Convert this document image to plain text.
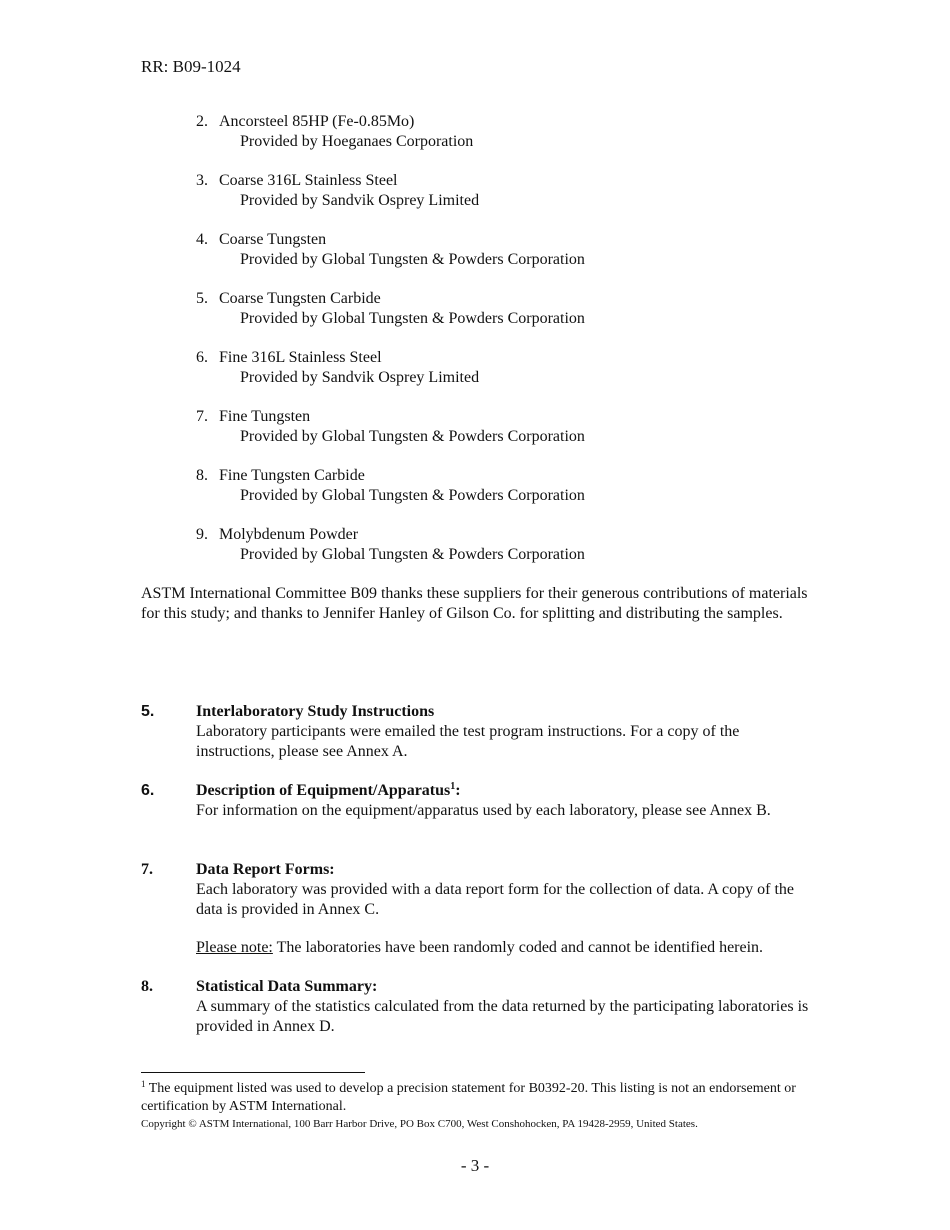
RR: B09-1024
2. Ancorsteel 85HP (Fe-0.85Mo)
Provided by Hoeganaes Corporation
3. Coarse 316L Stainless Steel
Provided by Sandvik Osprey Limited
4. Coarse Tungsten
Provided by Global Tungsten & Powders Corporation
5. Coarse Tungsten Carbide
Provided by Global Tungsten & Powders Corporation
6. Fine 316L Stainless Steel
Provided by Sandvik Osprey Limited
7. Fine Tungsten
Provided by Global Tungsten & Powders Corporation
8. Fine Tungsten Carbide
Provided by Global Tungsten & Powders Corporation
9. Molybdenum Powder
Provided by Global Tungsten & Powders Corporation

ASTM International Committee B09 thanks these suppliers for their generous contributions of materials for this study; and thanks to Jennifer Hanley of Gilson Co. for splitting and distributing the samples.

5.	Interlaboratory Study Instructions
Laboratory participants were emailed the test program instructions. For a copy of the instructions, please see Annex A.
6.	Description of Equipment/Apparatus$^1$:
For information on the equipment/apparatus used by each laboratory, please see Annex B.
7.	Data Report Forms:
Each laboratory was provided with a data report form for the collection of data. A copy of the data is provided in Annex C.
Please note: The laboratories have been randomly coded and cannot be identified herein.
8.	Statistical Data Summary:
A summary of the statistics calculated from the data returned by the participating laboratories is provided in Annex D.
$^1$ The equipment listed was used to develop a precision statement for B0392-20. This listing is not an endorsement or certification by ASTM International.
Copyright © ASTM International, 100 Barr Harbor Drive, PO Box C700, West Conshohocken, PA 19428-2959, United States.
- 3 -
